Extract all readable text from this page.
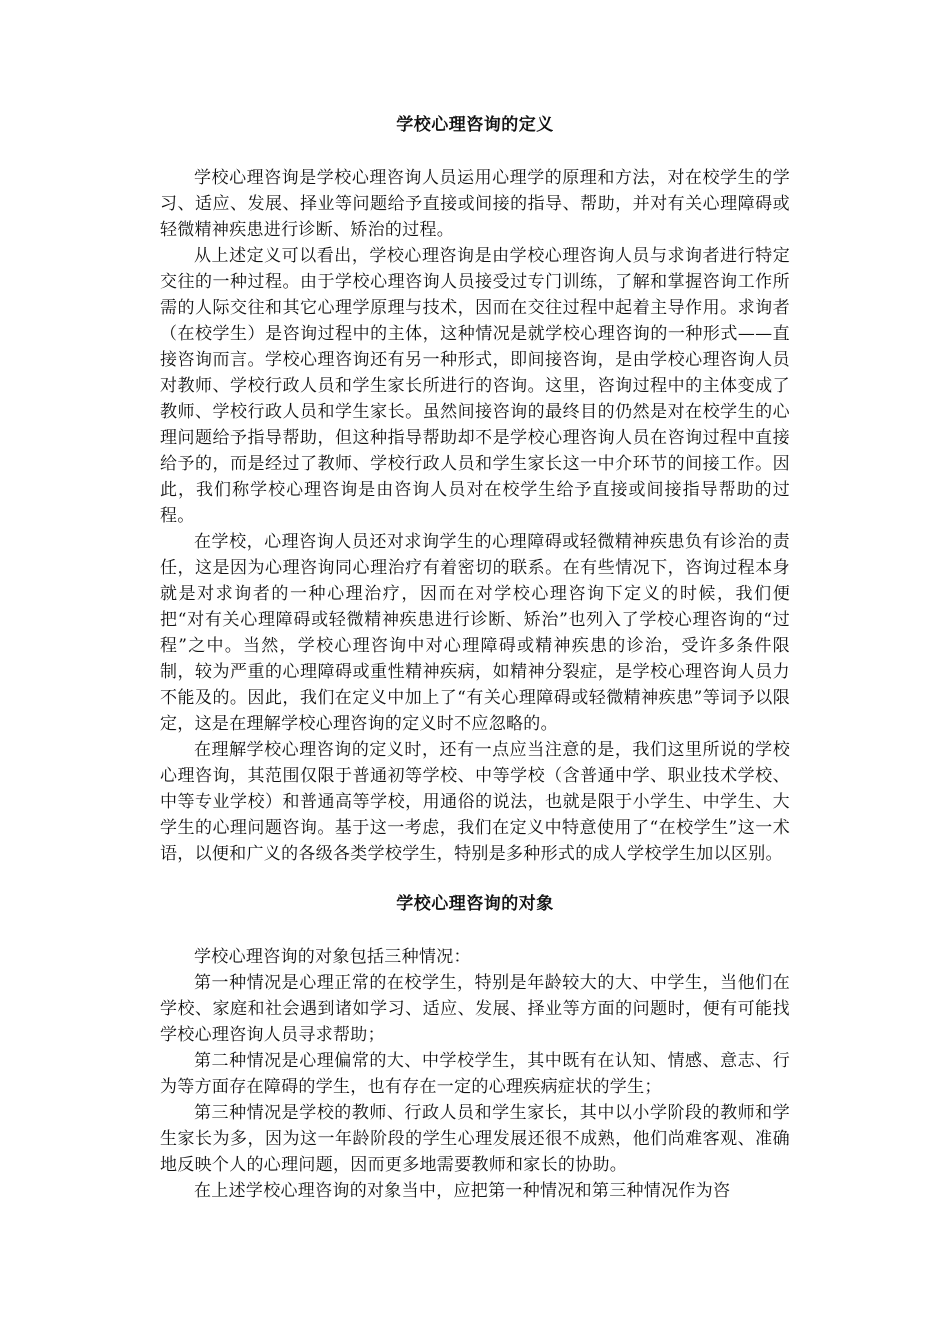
学校心理咨询的定义

学校心理咨询是学校心理咨询人员运用心理学的原理和方法，对在校学生的学习、适应、发展、择业等问题给予直接或间接的指导、帮助，并对有关心理障碍或轻微精神疾患进行诊断、矫治的过程。

从上述定义可以看出，学校心理咨询是由学校心理咨询人员与求询者进行特定交往的一种过程。由于学校心理咨询人员接受过专门训练，了解和掌握咨询工作所需的人际交往和其它心理学原理与技术，因而在交往过程中起着主导作用。求询者（在校学生）是咨询过程中的主体，这种情况是就学校心理咨询的一种形式——直接咨询而言。学校心理咨询还有另一种形式，即间接咨询，是由学校心理咨询人员对教师、学校行政人员和学生家长所进行的咨询。这里，咨询过程中的主体变成了教师、学校行政人员和学生家长。虽然间接咨询的最终目的仍然是对在校学生的心理问题给予指导帮助，但这种指导帮助却不是学校心理咨询人员在咨询过程中直接给予的，而是经过了教师、学校行政人员和学生家长这一中介环节的间接工作。因此，我们称学校心理咨询是由咨询人员对在校学生给予直接或间接指导帮助的过程。

在学校，心理咨询人员还对求询学生的心理障碍或轻微精神疾患负有诊治的责任，这是因为心理咨询同心理治疗有着密切的联系。在有些情况下，咨询过程本身就是对求询者的一种心理治疗，因而在对学校心理咨询下定义的时候，我们便把“对有关心理障碍或轻微精神疾患进行诊断、矫治”也列入了学校心理咨询的“过程”之中。当然，学校心理咨询中对心理障碍或精神疾患的诊治，受许多条件限制，较为严重的心理障碍或重性精神疾病，如精神分裂症，是学校心理咨询人员力不能及的。因此，我们在定义中加上了“有关心理障碍或轻微精神疾患”等词予以限定，这是在理解学校心理咨询的定义时不应忽略的。

在理解学校心理咨询的定义时，还有一点应当注意的是，我们这里所说的学校心理咨询，其范围仅限于普通初等学校、中等学校（含普通中学、职业技术学校、中等专业学校）和普通高等学校，用通俗的说法，也就是限于小学生、中学生、大学生的心理问题咨询。基于这一考虑，我们在定义中特意使用了“在校学生”这一术语，以便和广义的各级各类学校学生，特别是多种形式的成人学校学生加以区别。

学校心理咨询的对象

学校心理咨询的对象包括三种情况：

第一种情况是心理正常的在校学生，特别是年龄较大的大、中学生，当他们在学校、家庭和社会遇到诸如学习、适应、发展、择业等方面的问题时，便有可能找学校心理咨询人员寻求帮助；

第二种情况是心理偏常的大、中学校学生，其中既有在认知、情感、意志、行为等方面存在障碍的学生，也有存在一定的心理疾病症状的学生；

第三种情况是学校的教师、行政人员和学生家长，其中以小学阶段的教师和学生家长为多，因为这一年龄阶段的学生心理发展还很不成熟，他们尚难客观、准确地反映个人的心理问题，因而更多地需要教师和家长的协助。

在上述学校心理咨询的对象当中，应把第一种情况和第三种情况作为咨
